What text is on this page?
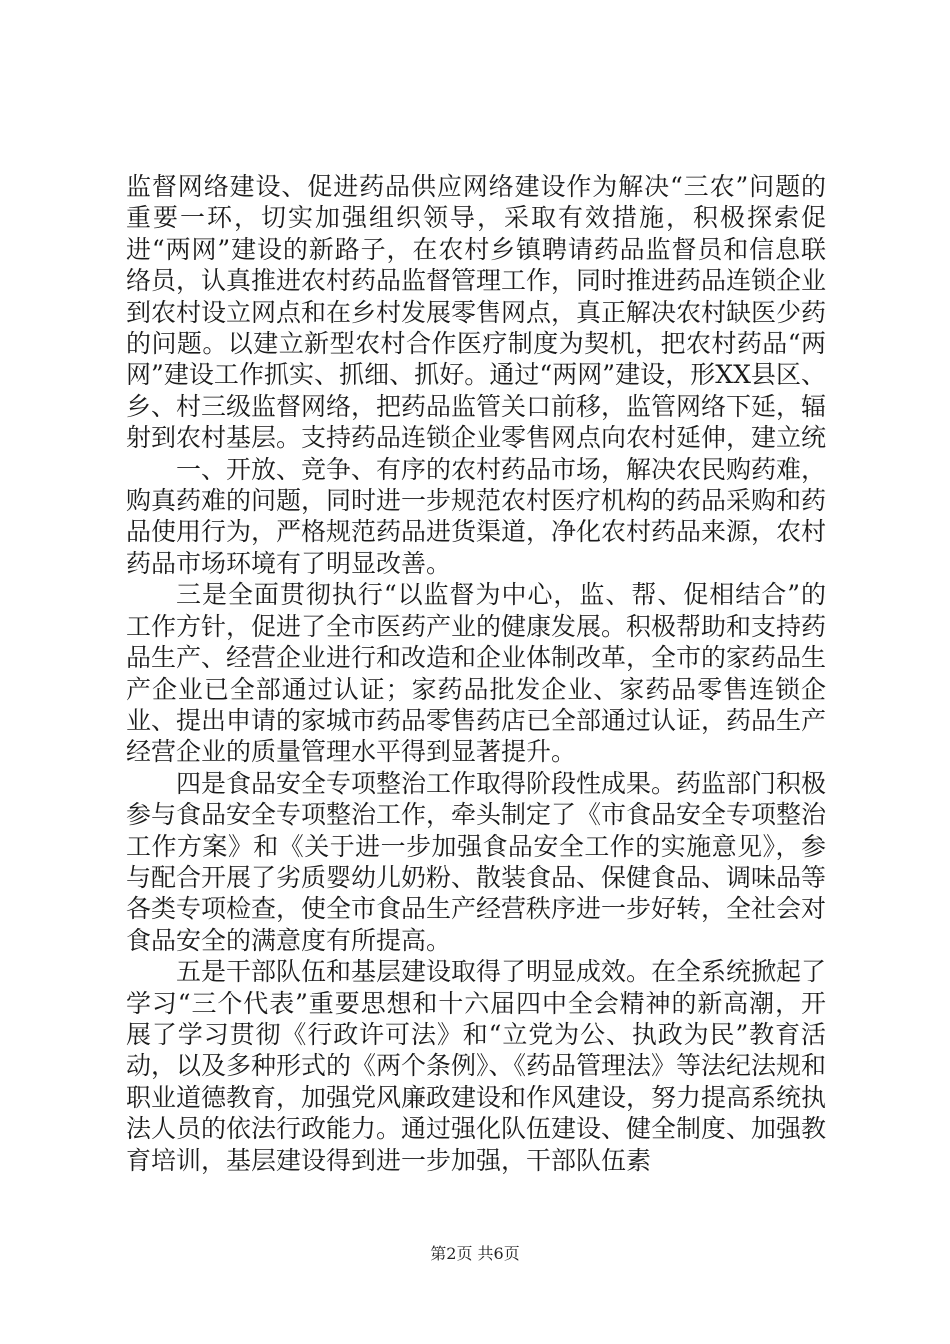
监督网络建设、促进药品供应网络建设作为解决“三农”问题的重要一环，切实加强组织领导，采取有效措施，积极探索促进“两网”建设的新路子，在农村乡镇聘请药品监督员和信息联络员，认真推进农村药品监督管理工作，同时推进药品连锁企业到农村设立网点和在乡村发展零售网点，真正解决农村缺医少药的问题。以建立新型农村合作医疗制度为契机，把农村药品“两网”建设工作抓实、抓细、抓好。通过“两网”建设，形XX县区、乡、村三级监督网络，把药品监管关口前移，监管网络下延，辐射到农村基层。支持药品连锁企业零售网点向农村延伸，建立统

一、开放、竞争、有序的农村药品市场，解决农民购药难，购真药难的问题，同时进一步规范农村医疗机构的药品采购和药品使用行为，严格规范药品进货渠道，净化农村药品来源，农村药品市场环境有了明显改善。

三是全面贯彻执行“以监督为中心，监、帮、促相结合”的工作方针，促进了全市医药产业的健康发展。积极帮助和支持药品生产、经营企业进行和改造和企业体制改革，全市的家药品生产企业已全部通过认证；家药品批发企业、家药品零售连锁企业、提出申请的家城市药品零售药店已全部通过认证，药品生产经营企业的质量管理水平得到显著提升。

四是食品安全专项整治工作取得阶段性成果。药监部门积极参与食品安全专项整治工作，牵头制定了《市食品安全专项整治工作方案》和《关于进一步加强食品安全工作的实施意见》，参与配合开展了劣质婴幼儿奶粉、散装食品、保健食品、调味品等各类专项检查，使全市食品生产经营秩序进一步好转，全社会对食品安全的满意度有所提高。

五是干部队伍和基层建设取得了明显成效。在全系统掀起了学习“三个代表”重要思想和十六届四中全会精神的新高潮，开展了学习贯彻《行政许可法》和“立党为公、执政为民”教育活动，以及多种形式的《两个条例》、《药品管理法》等法纪法规和职业道德教育，加强党风廉政建设和作风建设，努力提高系统执法人员的依法行政能力。通过强化队伍建设、健全制度、加强教育培训，基层建设得到进一步加强，干部队伍素

第2页 共6页
